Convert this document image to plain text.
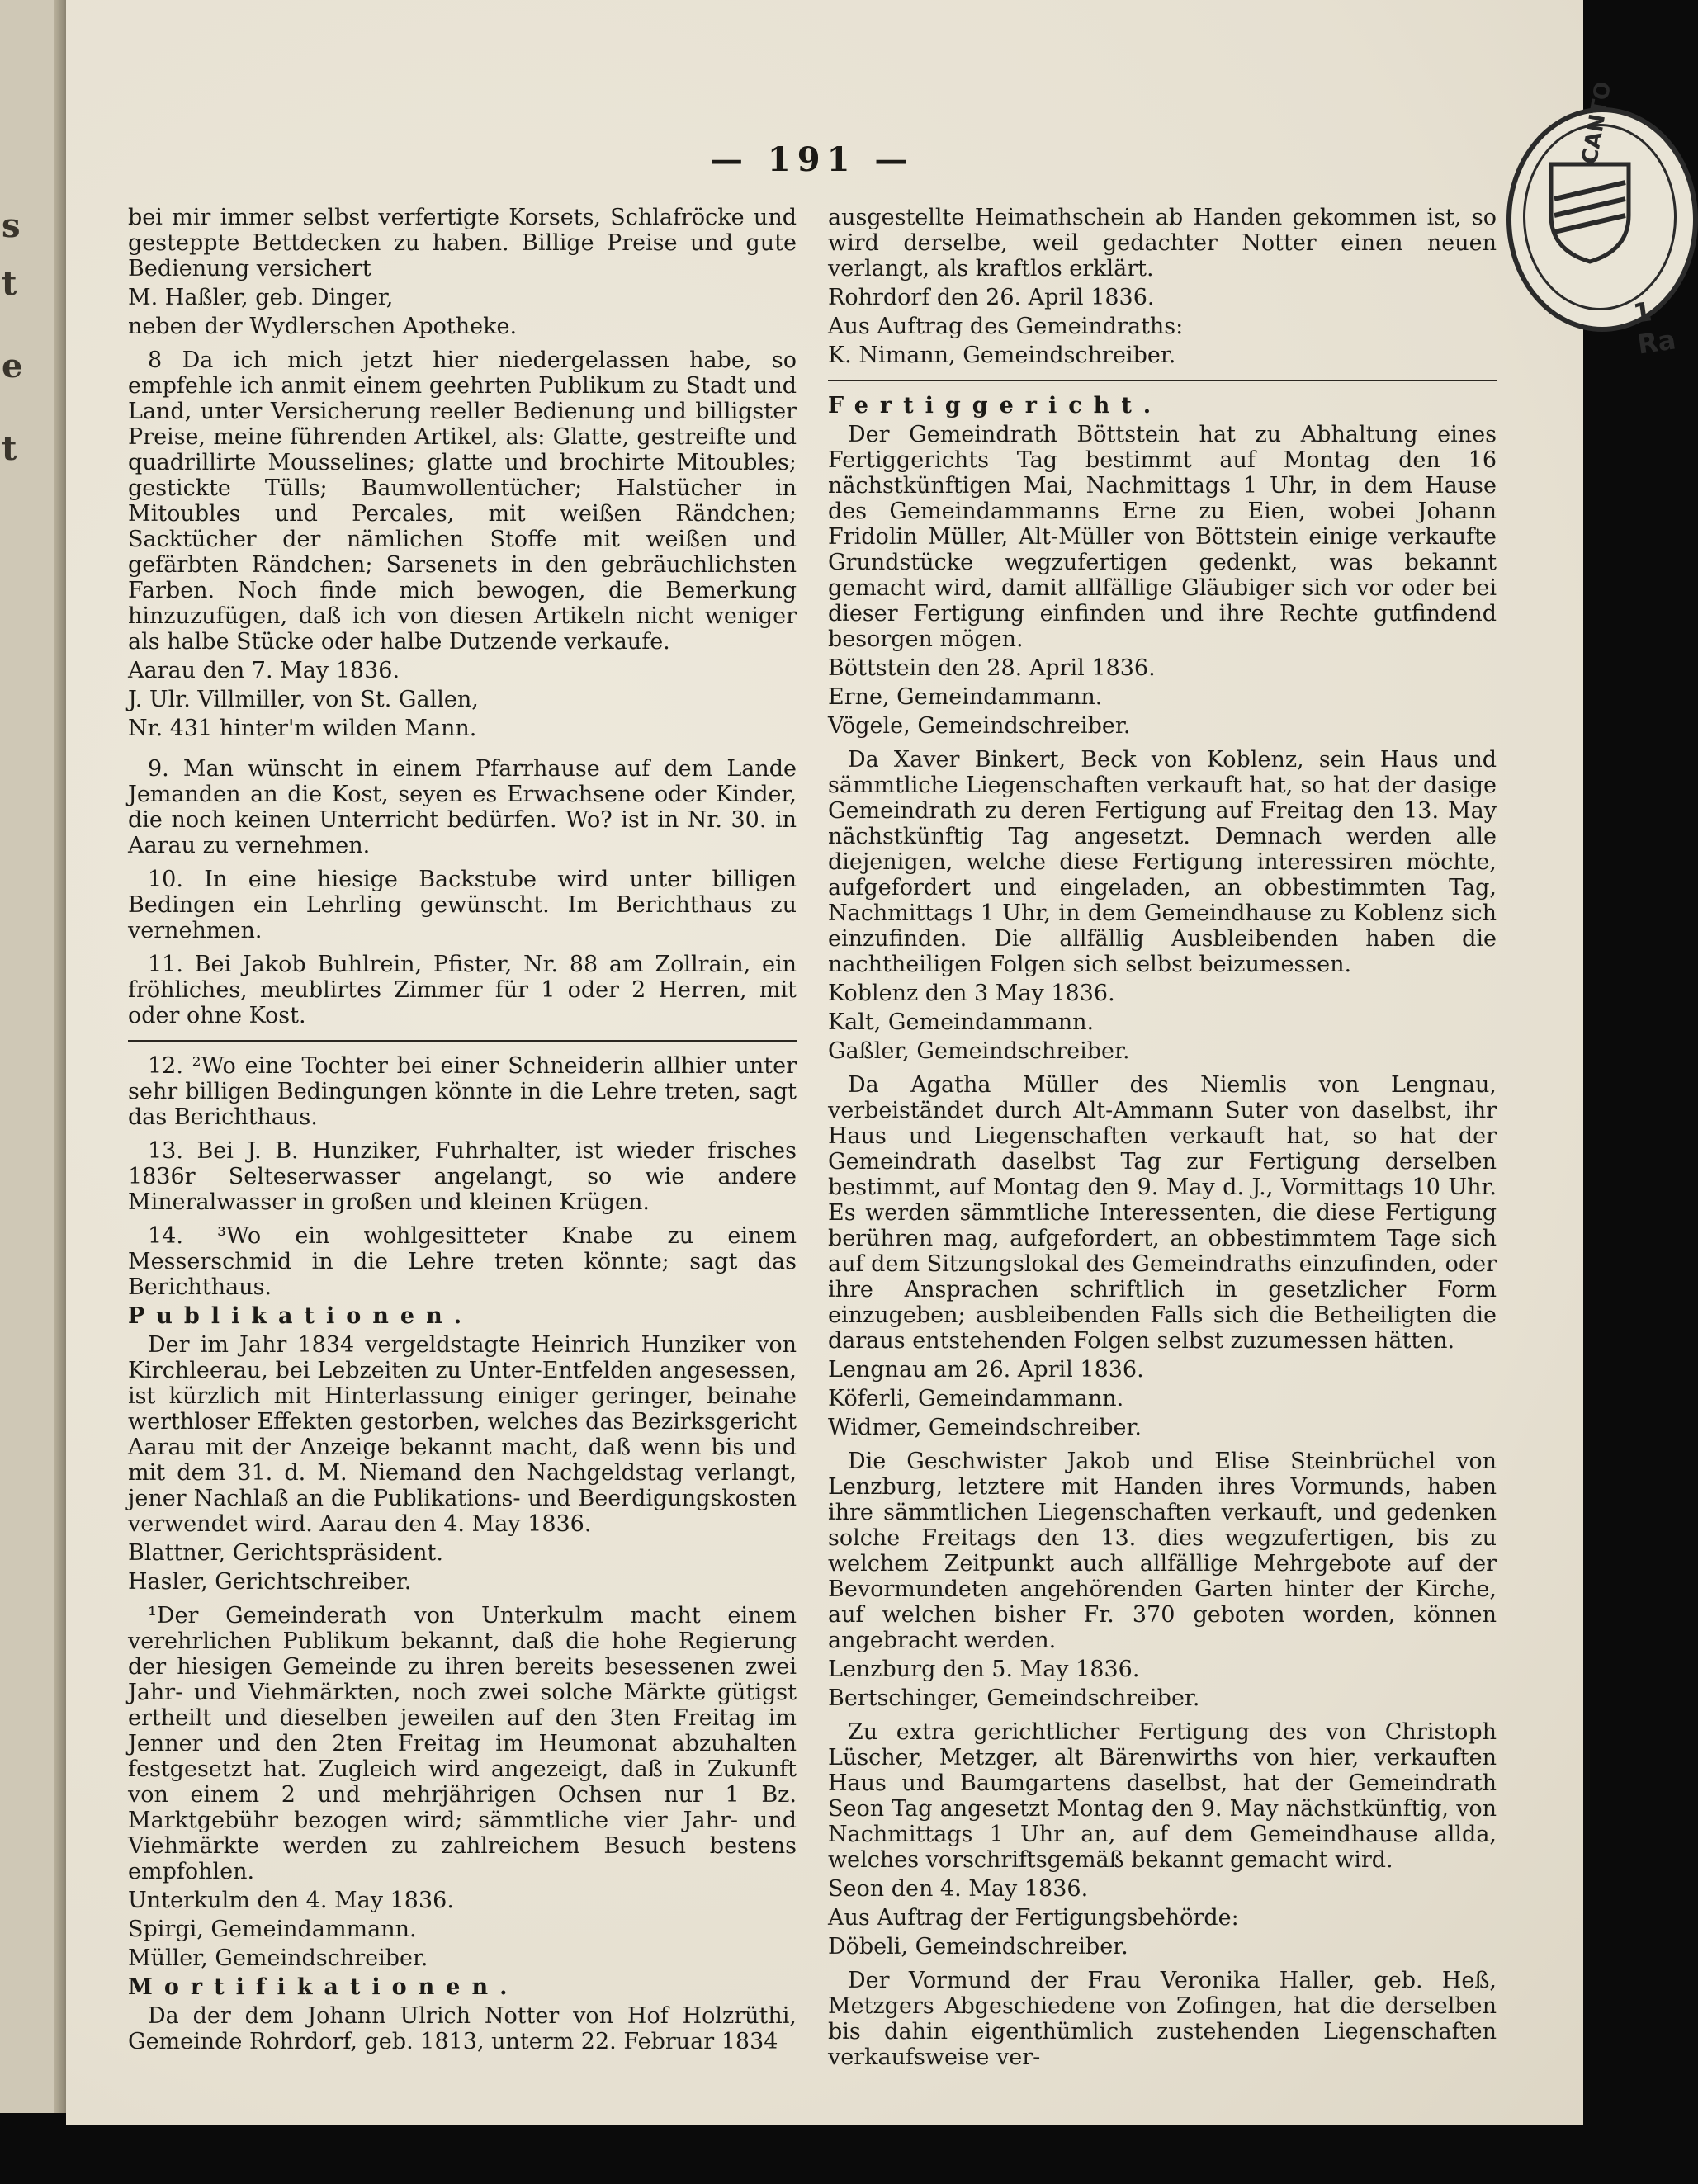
s
t
e
t
— 191 —	CANTO
1 Ra

bei mir immer selbst verfertigte Korsets, Schlafröcke und gesteppte Bettdecken zu haben. Billige Preise und gute Bedienung versichert

M. Haßler, geb. Dinger,

neben der Wydlerschen Apotheke.

8 Da ich mich jetzt hier niedergelassen habe, so empfehle ich anmit einem geehrten Publikum zu Stadt und Land, unter Versicherung reeller Bedienung und billigster Preise, meine führenden Artikel, als: Glatte, gestreifte und quadrillirte Mousselines; glatte und brochirte Mitoubles; gestickte Tülls; Baumwollentücher; Halstücher in Mitoubles und Percales, mit weißen Rändchen; Sacktücher der nämlichen Stoffe mit weißen und gefärbten Rändchen; Sarsenets in den gebräuchlichsten Farben. Noch finde mich bewogen, die Bemerkung hinzuzufügen, daß ich von diesen Artikeln nicht weniger als halbe Stücke oder halbe Dutzende verkaufe.

Aarau den 7. May 1836.

J. Ulr. Villmiller, von St. Gallen,

Nr. 431 hinter'm wilden Mann.

9. Man wünscht in einem Pfarrhause auf dem Lande Jemanden an die Kost, seyen es Erwachsene oder Kinder, die noch keinen Unterricht bedürfen. Wo? ist in Nr. 30. in Aarau zu vernehmen.

10. In eine hiesige Backstube wird unter billigen Bedingen ein Lehrling gewünscht. Im Berichthaus zu vernehmen.

11. Bei Jakob Buhlrein, Pfister, Nr. 88 am Zollrain, ein fröhliches, meublirtes Zimmer für 1 oder 2 Herren, mit oder ohne Kost.

12. ²Wo eine Tochter bei einer Schneiderin allhier unter sehr billigen Bedingungen könnte in die Lehre treten, sagt das Berichthaus.

13. Bei J. B. Hunziker, Fuhrhalter, ist wieder frisches 1836r Selteserwasser angelangt, so wie andere Mineralwasser in großen und kleinen Krügen.

14. ³Wo ein wohlgesitteter Knabe zu einem Messerschmid in die Lehre treten könnte; sagt das Berichthaus.

Publikationen.

Der im Jahr 1834 vergeldstagte Heinrich Hunziker von Kirchleerau, bei Lebzeiten zu Unter-Entfelden angesessen, ist kürzlich mit Hinterlassung einiger geringer, beinahe werthloser Effekten gestorben, welches das Bezirksgericht Aarau mit der Anzeige bekannt macht, daß wenn bis und mit dem 31. d. M. Niemand den Nachgeldstag verlangt, jener Nachlaß an die Publikations- und Beerdigungskosten verwendet wird. Aarau den 4. May 1836.

Blattner, Gerichtspräsident.

Hasler, Gerichtschreiber.

¹Der Gemeinderath von Unterkulm macht einem verehrlichen Publikum bekannt, daß die hohe Regierung der hiesigen Gemeinde zu ihren bereits besessenen zwei Jahr- und Viehmärkten, noch zwei solche Märkte gütigst ertheilt und dieselben jeweilen auf den 3ten Freitag im Jenner und den 2ten Freitag im Heumonat abzuhalten festgesetzt hat. Zugleich wird angezeigt, daß in Zukunft von einem 2 und mehrjährigen Ochsen nur 1 Bz. Marktgebühr bezogen wird; sämmtliche vier Jahr- und Viehmärkte werden zu zahlreichem Besuch bestens empfohlen.

Unterkulm den 4. May 1836.

Spirgi, Gemeindammann.

Müller, Gemeindschreiber.

Mortifikationen.

Da der dem Johann Ulrich Notter von Hof Holzrüthi, Gemeinde Rohrdorf, geb. 1813, unterm 22. Februar 1834

ausgestellte Heimathschein ab Handen gekommen ist, so wird derselbe, weil gedachter Notter einen neuen verlangt, als kraftlos erklärt.

Rohrdorf den 26. April 1836.

Aus Auftrag des Gemeindraths:

K. Nimann, Gemeindschreiber.

Fertiggericht.

Der Gemeindrath Böttstein hat zu Abhaltung eines Fertiggerichts Tag bestimmt auf Montag den 16 nächstkünftigen Mai, Nachmittags 1 Uhr, in dem Hause des Gemeindammanns Erne zu Eien, wobei Johann Fridolin Müller, Alt-Müller von Böttstein einige verkaufte Grundstücke wegzufertigen gedenkt, was bekannt gemacht wird, damit allfällige Gläubiger sich vor oder bei dieser Fertigung einfinden und ihre Rechte gutfindend besorgen mögen.

Böttstein den 28. April 1836.

Erne, Gemeindammann.

Vögele, Gemeindschreiber.

Da Xaver Binkert, Beck von Koblenz, sein Haus und sämmtliche Liegenschaften verkauft hat, so hat der dasige Gemeindrath zu deren Fertigung auf Freitag den 13. May nächstkünftig Tag angesetzt. Demnach werden alle diejenigen, welche diese Fertigung interessiren möchte, aufgefordert und eingeladen, an obbestimmten Tag, Nachmittags 1 Uhr, in dem Gemeindhause zu Koblenz sich einzufinden. Die allfällig Ausbleibenden haben die nachtheiligen Folgen sich selbst beizumessen.

Koblenz den 3 May 1836.

Kalt, Gemeindammann.

Gaßler, Gemeindschreiber.

Da Agatha Müller des Niemlis von Lengnau, verbeiständet durch Alt-Ammann Suter von daselbst, ihr Haus und Liegenschaften verkauft hat, so hat der Gemeindrath daselbst Tag zur Fertigung derselben bestimmt, auf Montag den 9. May d. J., Vormittags 10 Uhr. Es werden sämmtliche Interessenten, die diese Fertigung berühren mag, aufgefordert, an obbestimmtem Tage sich auf dem Sitzungslokal des Gemeindraths einzufinden, oder ihre Ansprachen schriftlich in gesetzlicher Form einzugeben; ausbleibenden Falls sich die Betheiligten die daraus entstehenden Folgen selbst zuzumessen hätten.

Lengnau am 26. April 1836.

Köferli, Gemeindammann.

Widmer, Gemeindschreiber.

Die Geschwister Jakob und Elise Steinbrüchel von Lenzburg, letztere mit Handen ihres Vormunds, haben ihre sämmtlichen Liegenschaften verkauft, und gedenken solche Freitags den 13. dies wegzufertigen, bis zu welchem Zeitpunkt auch allfällige Mehrgebote auf der Bevormundeten angehörenden Garten hinter der Kirche, auf welchen bisher Fr. 370 geboten worden, können angebracht werden.

Lenzburg den 5. May 1836.

Bertschinger, Gemeindschreiber.

Zu extra gerichtlicher Fertigung des von Christoph Lüscher, Metzger, alt Bärenwirths von hier, verkauften Haus und Baumgartens daselbst, hat der Gemeindrath Seon Tag angesetzt Montag den 9. May nächstkünftig, von Nachmittags 1 Uhr an, auf dem Gemeindhause allda, welches vorschriftsgemäß bekannt gemacht wird.

Seon den 4. May 1836.

Aus Auftrag der Fertigungsbehörde:

Döbeli, Gemeindschreiber.

Der Vormund der Frau Veronika Haller, geb. Heß, Metzgers Abgeschiedene von Zofingen, hat die derselben bis dahin eigenthümlich zustehenden Liegenschaften verkaufsweise ver-
